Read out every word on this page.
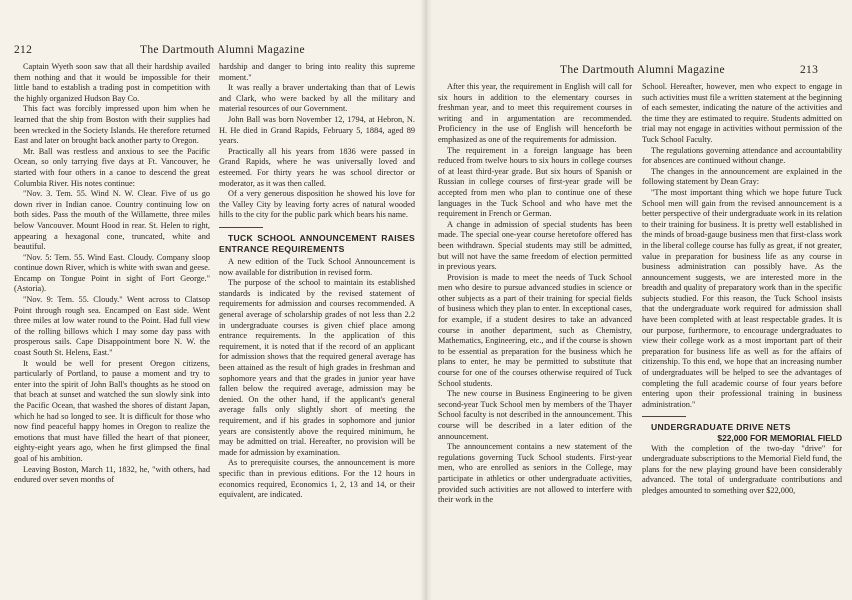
212	The Dartmouth Alumni Magazine

Captain Wyeth soon saw that all their hardship availed them nothing and that it would be impossible for their little band to establish a trading post in competition with the highly organized Hudson Bay Co.

This fact was forcibly impressed upon him when he learned that the ship from Boston with their supplies had been wrecked in the Society Islands. He therefore returned East and later on brought back another party to Oregon.

Mr. Ball was restless and anxious to see the Pacific Ocean, so only tarrying five days at Ft. Vancouver, he started with four others in a canoe to descend the great Columbia River. His notes continue:

"Nov. 3. Tem. 55. Wind N. W. Clear. Five of us go down river in Indian canoe. Country continuing low on both sides. Pass the mouth of the Willamette, three miles below Vancouver. Mount Hood in rear. St. Helen to right, appearing a hexagonal cone, truncated, white and beautiful.

"Nov. 5: Tem. 55. Wind East. Cloudy. Company sloop continue down River, which is white with swan and geese. Encamp on Tongue Point in sight of Fort George." (Astoria).

"Nov. 9: Tem. 55. Cloudy." Went across to Clatsop Point through rough sea. Encamped on East side. Went three miles at low water round to the Point. Had full view of the rolling billows which I may some day pass with prosperous sails. Cape Disappointment bore N. W. the coast South St. Helens, East."

It would be well for present Oregon citizens, particularly of Portland, to pause a moment and try to enter into the spirit of John Ball's thoughts as he stood on that beach at sunset and watched the sun slowly sink into the Pacific Ocean, that washed the shores of distant Japan, which he had so longed to see. It is difficult for those who now find peaceful happy homes in Oregon to realize the emotions that must have filled the heart of that pioneer, eighty-eight years ago, when he first glimpsed the final goal of his ambition.

Leaving Boston, March 11, 1832, he, "with others, had endured over seven months of

hardship and danger to bring into reality this supreme moment."

It was really a braver undertaking than that of Lewis and Clark, who were backed by all the military and material resources of our Government.

John Ball was born November 12, 1794, at Hebron, N. H. He died in Grand Rapids, February 5, 1884, aged 89 years.

Practically all his years from 1836 were passed in Grand Rapids, where he was universally loved and esteemed. For thirty years he was school director or moderator, as it was then called.

Of a very generous disposition he showed his love for the Valley City by leaving forty acres of natural wooded hills to the city for the public park which bears his name.

TUCK SCHOOL ANNOUNCEMENT RAISES ENTRANCE REQUIREMENTS

A new edition of the Tuck School Announcement is now available for distribution in revised form.

The purpose of the school to maintain its established standards is indicated by the revised statement of requirements for admission and courses recommended. A general average of scholarship grades of not less than 2.2 in undergraduate courses is given chief place among entrance requirements. In the application of this requirement, it is noted that if the record of an applicant for admission shows that the required general average has been attained as the result of high grades in freshman and sophomore years and that the grades in junior year have fallen below the required average, admission may be denied. On the other hand, if the applicant's general average falls only slightly short of meeting the requirement, and if his grades in sophomore and junior years are consistently above the required minimum, he may be admitted on trial. Hereafter, no provision will be made for admission by examination.

As to prerequisite courses, the announcement is more specific than in previous editions. For the 12 hours in economics required, Economics 1, 2, 13 and 14, or their equivalent, are indicated.

The Dartmouth Alumni Magazine	213

After this year, the requirement in English will call for six hours in addition to the elementary courses in freshman year, and to meet this requirement courses in writing and in argumentation are recommended. Proficiency in the use of English will henceforth be emphasized as one of the requirements for admission.

The requirement in a foreign language has been reduced from twelve hours to six hours in college courses of at least third-year grade. But six hours of Spanish or Russian in college courses of first-year grade will be accepted from men who plan to continue one of these languages in the Tuck School and who have met the requirement in French or German.

A change in admission of special students has been made. The special one-year course heretofore offered has been withdrawn. Special students may still be admitted, but will not have the same freedom of election permitted in previous years.

Provision is made to meet the needs of Tuck School men who desire to pursue advanced studies in science or other subjects as a part of their training for special fields of business which they plan to enter. In exceptional cases, for example, if a student desires to take an advanced course in another department, such as Chemistry, Mathematics, Engineering, etc., and if the course is shown to be essential as preparation for the business which he plans to enter, he may be permitted to substitute that course for one of the courses otherwise required of Tuck School students.

The new course in Business Engineering to be given second-year Tuck School men by members of the Thayer School faculty is not described in the announcement. This course will be described in a later edition of the announcement.

The announcement contains a new statement of the regulations governing Tuck School students. First-year men, who are enrolled as seniors in the College, may participate in athletics or other undergraduate activities, provided such activities are not allowed to interfere with their work in the

School. Hereafter, however, men who expect to engage in such activities must file a written statement at the beginning of each semester, indicating the nature of the activities and the time they are estimated to require. Students admitted on trial may not engage in activities without permission of the Tuck School Faculty.

The regulations governing attendance and accountability for absences are continued without change.

The changes in the announcement are explained in the following statement by Dean Gray:

"The most important thing which we hope future Tuck School men will gain from the revised announcement is a better perspective of their undergraduate work in its relation to their training for business. It is pretty well established in the minds of broad-gauge business men that first-class work in the liberal college course has fully as great, if not greater, value in preparation for business life as any course in business administration can possibly have. As the announcement suggests, we are interested more in the breadth and quality of preparatory work than in the specific subjects studied. For this reason, the Tuck School insists that the undergraduate work required for admission shall have been completed with at least respectable grades. It is our purpose, furthermore, to encourage undergraduates to view their college work as a most important part of their preparation for business life as well as for the affairs of citizenship. To this end, we hope that an increasing number of undergraduates will be helped to see the advantages of completing the full academic course of four years before entering upon their professional training in business administration."

UNDERGRADUATE DRIVE NETS

$22,000 FOR MEMORIAL FIELD

With the completion of the two-day "drive" for undergraduate subscriptions to the Memorial Field fund, the plans for the new playing ground have been considerably advanced. The total of undergraduate contributions and pledges amounted to something over $22,000,
